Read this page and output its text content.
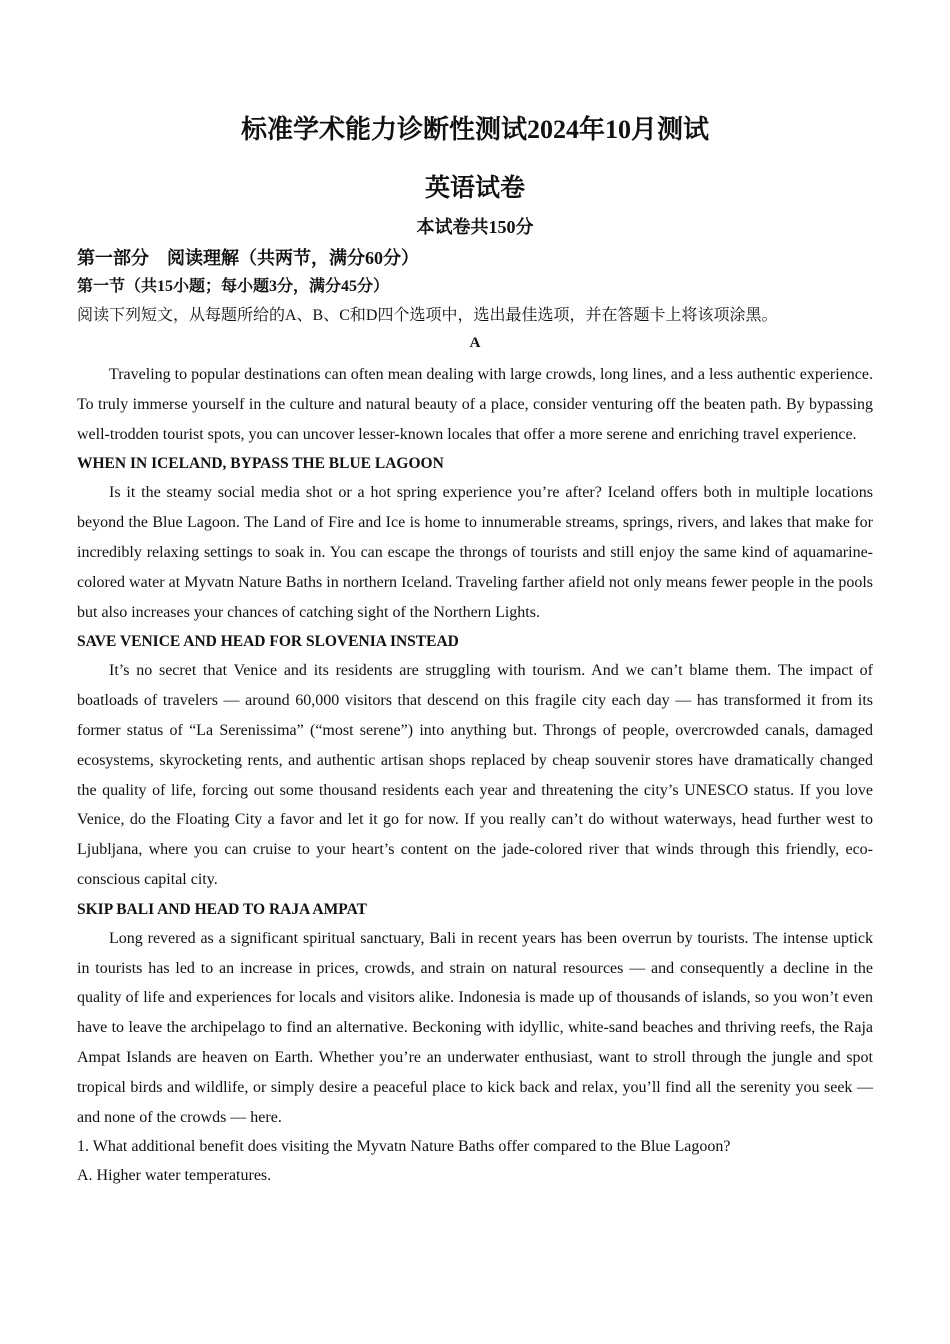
标准学术能力诊断性测试2024年10月测试
英语试卷
本试卷共150分
第一部分　阅读理解（共两节，满分60分）
第一节（共15小题；每小题3分，满分45分）
阅读下列短文，从每题所给的A、B、C和D四个选项中，选出最佳选项，并在答题卡上将该项涂黑。
A

Traveling to popular destinations can often mean dealing with large crowds, long lines, and a less authentic experience. To truly immerse yourself in the culture and natural beauty of a place, consider venturing off the beaten path. By bypassing well-trodden tourist spots, you can uncover lesser-known locales that offer a more serene and enriching travel experience.

WHEN IN ICELAND, BYPASS THE BLUE LAGOON

Is it the steamy social media shot or a hot spring experience you’re after? Iceland offers both in multiple locations beyond the Blue Lagoon. The Land of Fire and Ice is home to innumerable streams, springs, rivers, and lakes that make for incredibly relaxing settings to soak in. You can escape the throngs of tourists and still enjoy the same kind of aquamarine-colored water at Myvatn Nature Baths in northern Iceland. Traveling farther afield not only means fewer people in the pools but also increases your chances of catching sight of the Northern Lights.

SAVE VENICE AND HEAD FOR SLOVENIA INSTEAD

It’s no secret that Venice and its residents are struggling with tourism. And we can’t blame them. The impact of boatloads of travelers — around 60,000 visitors that descend on this fragile city each day — has transformed it from its former status of “La Serenissima” (“most serene”) into anything but. Throngs of people, overcrowded canals, damaged ecosystems, skyrocketing rents, and authentic artisan shops replaced by cheap souvenir stores have dramatically changed the quality of life, forcing out some thousand residents each year and threatening the city’s UNESCO status. If you love Venice, do the Floating City a favor and let it go for now. If you really can’t do without waterways, head further west to Ljubljana, where you can cruise to your heart’s content on the jade-colored river that winds through this friendly, eco-conscious capital city.

SKIP BALI AND HEAD TO RAJA AMPAT

Long revered as a significant spiritual sanctuary, Bali in recent years has been overrun by tourists. The intense uptick in tourists has led to an increase in prices, crowds, and strain on natural resources — and consequently a decline in the quality of life and experiences for locals and visitors alike. Indonesia is made up of thousands of islands, so you won’t even have to leave the archipelago to find an alternative. Beckoning with idyllic, white-sand beaches and thriving reefs, the Raja Ampat Islands are heaven on Earth. Whether you’re an underwater enthusiast, want to stroll through the jungle and spot tropical birds and wildlife, or simply desire a peaceful place to kick back and relax, you’ll find all the serenity you seek — and none of the crowds — here.

1. What additional benefit does visiting the Myvatn Nature Baths offer compared to the Blue Lagoon?
A. Higher water temperatures.
